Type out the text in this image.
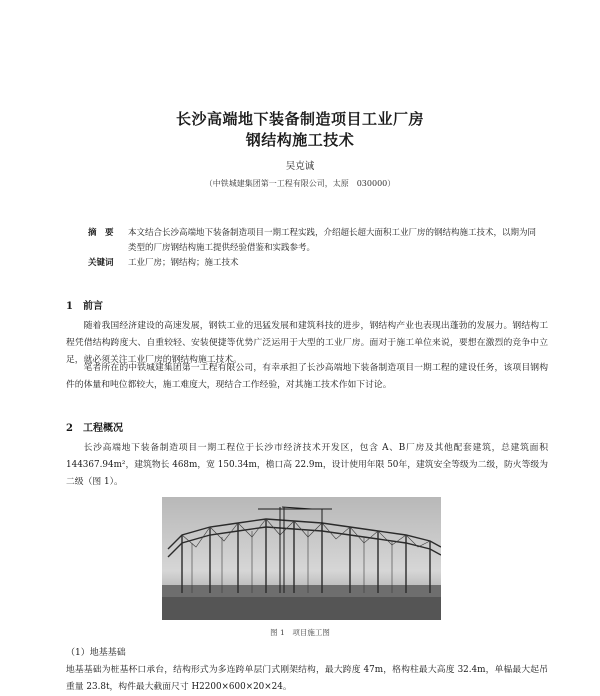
长沙高端地下装备制造项目工业厂房
钢结构施工技术
吴克诚
（中铁城建集团第一工程有限公司，太原　030000）
摘　要	本文结合长沙高端地下装备制造项目一期工程实践，介绍超长超大面积工业厂房的钢结构施工技术，以期为同类型的厂房钢结构施工提供经验借鉴和实践参考。
关键词	工业厂房；钢结构；施工技术
1　前言
随着我国经济建设的高速发展，钢铁工业的迅猛发展和建筑科技的进步，钢结构产业也表现出蓬勃的发展力。钢结构工程凭借结构跨度大、自重较轻、安装便捷等优势广泛运用于大型的工业厂房。面对于施工单位来说，要想在激烈的竞争中立足，就必须关注工业厂房的钢结构施工技术。
笔者所在的中铁城建集团第一工程有限公司，有幸承担了长沙高端地下装备制造项目一期工程的建设任务，该项目钢构件的体量和吨位都较大，施工难度大，现结合工作经验，对其施工技术作如下讨论。
2　工程概况
长沙高端地下装备制造项目一期工程位于长沙市经济技术开发区，包含 A、B厂房及其他配套建筑，总建筑面积 144367.94m²，建筑物长 468m，宽 150.34m，檐口高 22.9m，设计使用年限 50年，建筑安全等级为二级，防火等级为二级（图 1）。
图 1　项目施工图
（1）地基基础
地基基础为桩基杯口承台，结构形式为多连跨单层门式刚架结构，最大跨度 47m，格构柱最大高度 32.4m，单榀最大起吊重量 23.8t，构件最大截面尺寸 H2200×600×20×24。
